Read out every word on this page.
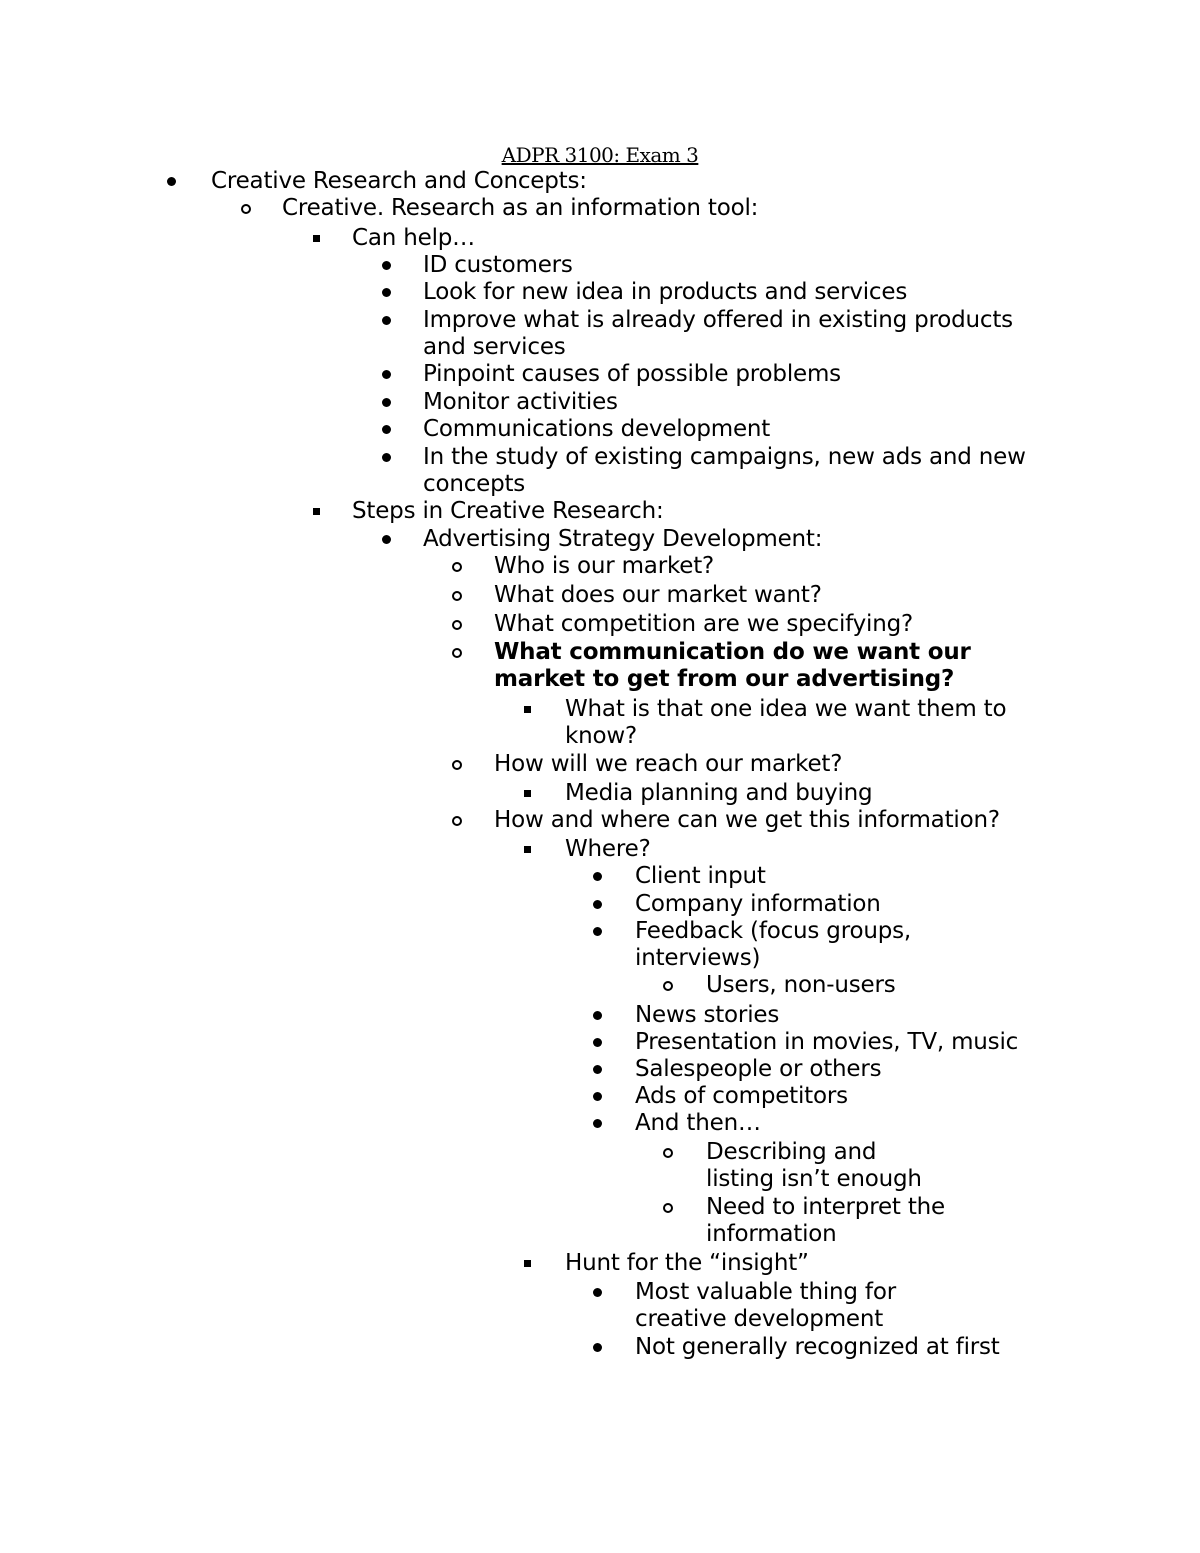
ADPR 3100: Exam 3
Creative Research and Concepts:
Creative. Research as an information tool:
Can help…
ID customers
Look for new idea in products and services
Improve what is already offered in existing products and services
Pinpoint causes of possible problems
Monitor activities
Communications development
In the study of existing campaigns, new ads and new concepts
Steps in Creative Research:
Advertising Strategy Development:
Who is our market?
What does our market want?
What competition are we specifying?
What communication do we want our market to get from our advertising?
What is that one idea we want them to know?
How will we reach our market?
Media planning and buying
How and where can we get this information?
Where?
Client input
Company information
Feedback (focus groups, interviews)
Users, non-users
News stories
Presentation in movies, TV, music
Salespeople or others
Ads of competitors
And then…
Describing and listing isn’t enough
Need to interpret the information
Hunt for the “insight”
Most valuable thing for creative development
Not generally recognized at first
